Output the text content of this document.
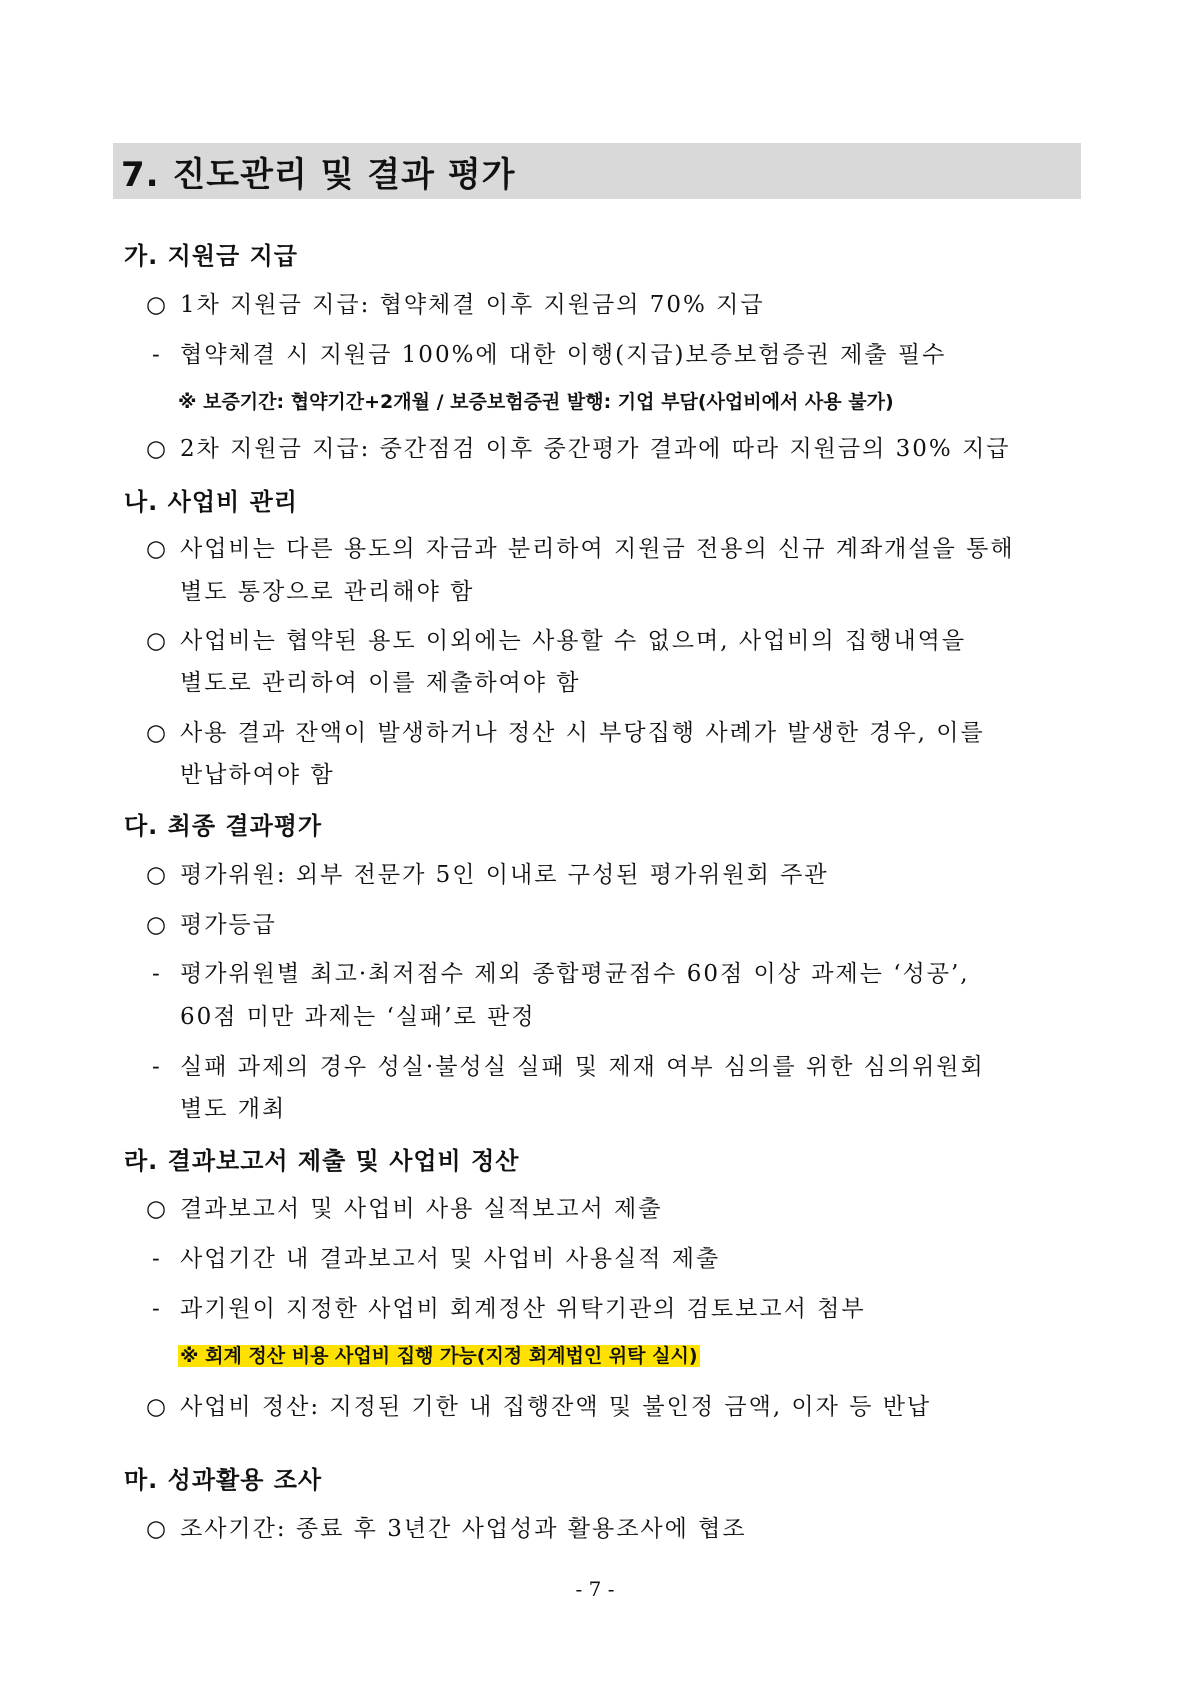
7. 진도관리 및 결과 평가
가. 지원금 지급
○ 1차 지원금 지급: 협약체결 이후 지원금의 70% 지급
- 협약체결 시 지원금 100%에 대한 이행(지급)보증보험증권 제출 필수
※ 보증기간: 협약기간+2개월 / 보증보험증권 발행: 기업 부담(사업비에서 사용 불가)
○ 2차 지원금 지급: 중간점검 이후 중간평가 결과에 따라 지원금의 30% 지급
나. 사업비 관리
○ 사업비는 다른 용도의 자금과 분리하여 지원금 전용의 신규 계좌개설을 통해
별도 통장으로 관리해야 함
○ 사업비는 협약된 용도 이외에는 사용할 수 없으며, 사업비의 집행내역을
별도로 관리하여 이를 제출하여야 함
○ 사용 결과 잔액이 발생하거나 정산 시 부당집행 사례가 발생한 경우, 이를
반납하여야 함
다. 최종 결과평가
○ 평가위원: 외부 전문가 5인 이내로 구성된 평가위원회 주관
○ 평가등급
- 평가위원별 최고·최저점수 제외 종합평균점수 60점 이상 과제는 ‘성공’,
60점 미만 과제는 ‘실패’로 판정
- 실패 과제의 경우 성실·불성실 실패 및 제재 여부 심의를 위한 심의위원회
별도 개최
라. 결과보고서 제출 및 사업비 정산
○ 결과보고서 및 사업비 사용 실적보고서 제출
- 사업기간 내 결과보고서 및 사업비 사용실적 제출
- 과기원이 지정한 사업비 회계정산 위탁기관의 검토보고서 첨부
※ 회계 정산 비용 사업비 집행 가능(지정 회계법인 위탁 실시)
○ 사업비 정산: 지정된 기한 내 집행잔액 및 불인정 금액, 이자 등 반납
마. 성과활용 조사
○ 조사기간: 종료 후 3년간 사업성과 활용조사에 협조
- 7 -
